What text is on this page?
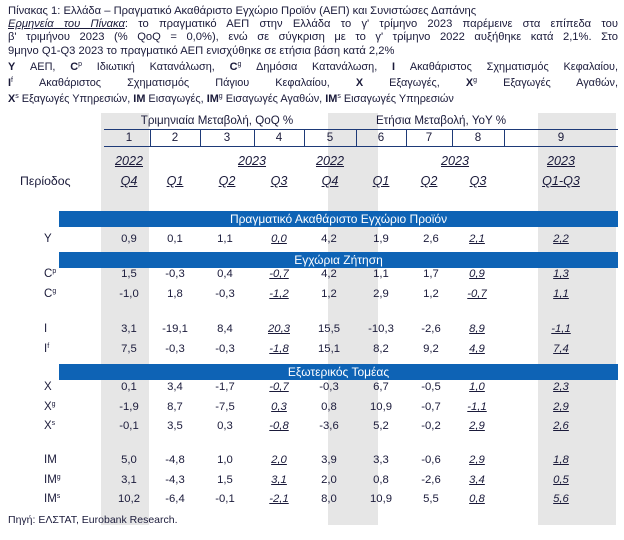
Πίνακας 1: Ελλάδα – Πραγματικό Ακαθάριστο Εγχώριο Προϊόν (ΑΕΠ) και Συνιστώσες Δαπάνης
Ερμηνεία του Πίνακα: το πραγματικό ΑΕΠ στην Ελλάδα το γ' τρίμηνο 2023 παρέμεινε στα επίπεδα του
β' τριμήνου 2023 (% QoQ = 0,0%), ενώ σε σύγκριση με το γ' τρίμηνο 2022 αυξήθηκε κατά 2,1%. Στο
9μηνο Q1-Q3 2023 το πραγματικό ΑΕΠ ενισχύθηκε σε ετήσια βάση κατά 2,2%
Y ΑΕΠ, $C^p$ Ιδιωτική Κατανάλωση, $C^g$ Δημόσια Κατανάλωση, I Ακαθάριστος Σχηματισμός Κεφαλαίου,
$I^f$ Ακαθάριστος Σχηματισμός Πάγιου Κεφαλαίου, X Εξαγωγές, $X^g$ Εξαγωγές Αγαθών,
$X^s$ Εξαγωγές Υπηρεσιών, IM Εισαγωγές, $IM^g$ Εισαγωγές Αγαθών, $IM^s$ Εισαγωγές Υπηρεσιών
Τριμηνιαία Μεταβολή, QoQ %	Ετήσια Μεταβολή, YoY %
1	2	3	4	5	6	7	8	9
2022	2023	2022	2023	2023
Q4	Q1	Q2	Q3	Q4	Q1	Q2	Q3	Q1-Q3
Περίοδος
Πραγματικό Ακαθάριστο Εγχώριο Προϊόν
Εγχώρια Ζήτηση
Εξωτερικός Τομέας
Y	0,9	0,1	1,1	0,0	4,2	1,9	2,6	2,1	2,2
$C^p$	1,5	-0,3	0,4	-0,7	4,2	1,1	1,7	0,9	1,3
$C^g$	-1,0	1,8	-0,3	-1,2	1,2	2,9	1,2	-0,7	1,1
I	3,1	-19,1	8,4	20,3	15,5	-10,3	-2,6	8,9	-1,1
$I^f$	7,5	-0,3	-0,3	-1,8	15,1	8,2	9,2	4,9	7,4
X	0,1	3,4	-1,7	-0,7	-0,3	6,7	-0,5	1,0	2,3
$X^g$	-1,9	8,7	-7,5	0,3	0,8	10,9	-0,7	-1,1	2,9
$X^s$	-0,1	3,5	0,3	-0,8	-3,6	5,2	-0,2	2,9	2,6
IM	5,0	-4,8	1,0	2,0	3,9	3,3	-0,6	2,9	1,8
$IM^g$	3,1	-4,3	1,5	3,1	2,0	0,8	-2,6	3,4	0,5
$IM^s$	10,2	-6,4	-0,1	-2,1	8,0	10,9	5,5	0,8	5,6
Πηγή: ΕΛΣΤΑΤ, Eurobank Research.
